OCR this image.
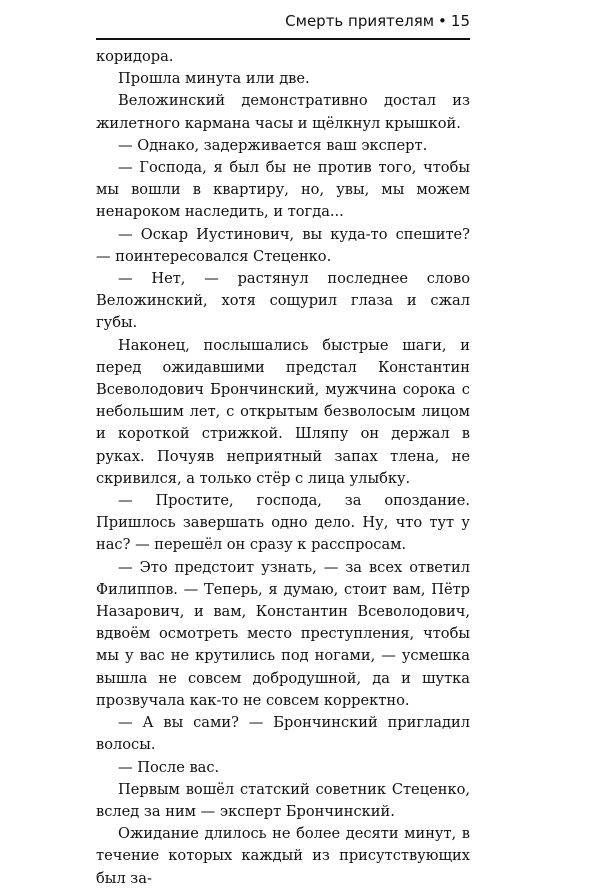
Смерть приятелям • 15

коридора.

Прошла минута или две.

Веложинский демонстративно достал из жилетного кармана часы и щёлкнул крышкой.

— Однако, задерживается ваш эксперт.

— Господа, я был бы не против того, чтобы мы вошли в квартиру, но, увы, мы можем ненароком наследить, и тогда...

— Оскар Иустинович, вы куда-то спешите? — поинтересовался Стеценко.

— Нет, — растянул последнее слово Веложинский, хотя сощурил глаза и сжал губы.

Наконец, послышались быстрые шаги, и перед ожидавшими предстал Константин Всеволодович Брончинский, мужчина сорока с небольшим лет, с открытым безволосым лицом и короткой стрижкой. Шляпу он держал в руках. Почуяв неприятный запах тлена, не скривился, а только стёр с лица улыбку.

— Простите, господа, за опоздание. Пришлось завершать одно дело. Ну, что тут у нас? — перешёл он сразу к расспросам.

— Это предстоит узнать, — за всех ответил Филиппов. — Теперь, я думаю, стоит вам, Пётр Назарович, и вам, Константин Всеволодович, вдвоём осмотреть место преступления, чтобы мы у вас не крутились под ногами, — усмешка вышла не совсем добродушной, да и шутка прозвучала как-то не совсем корректно.

— А вы сами? — Брончинский пригладил волосы.

— После вас.

Первым вошёл статский советник Стеценко, вслед за ним — эксперт Брончинский.

Ожидание длилось не более десяти минут, в течение которых каждый из присутствующих был за-
